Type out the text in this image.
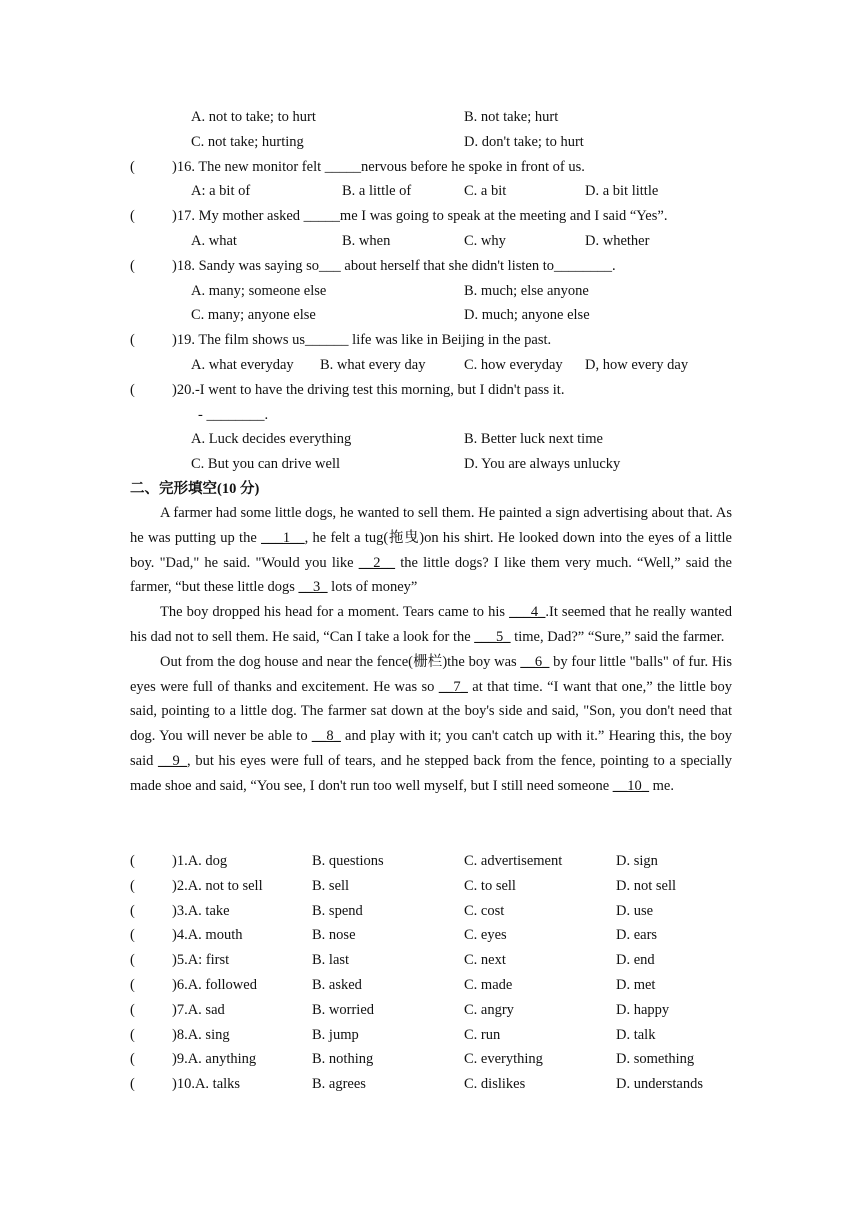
A. not to take; to hurt	B. not take; hurt
C. not take; hurting	D. don't take; to hurt
(	)16. The new monitor felt _____nervous before he spoke in front of us.
A: a bit of	B. a little of	C. a bit	D. a bit little
(	)17. My mother asked _____me I was going to speak at the meeting and I said “Yes”.
A. what	B. when	C. why	D. whether
(	)18. Sandy was saying so___ about herself that she didn't listen to________.
A. many; someone else	B. much; else anyone
C. many; anyone else	D. much; anyone else
(	)19. The film shows us______ life was like in Beijing in the past.
A. what everyday B. what every day	C. how everyday D, how every day
(	)20.-I went to have the driving test this morning, but I didn't pass it.
- ________.
A. Luck decides everything	B. Better luck next time
C. But you can drive well	D. You are always unlucky
二、完形填空(10 分)

A farmer had some little dogs, he wanted to sell them. He painted a sign advertising about that. As he was putting up the ___1__, he felt a tug(拖曳)on his shirt. He looked down into the eyes of a little boy. "Dad," he said. "Would you like __2__ the little dogs? I like them very much. “Well,” said the farmer, “but these little dogs __3_ lots of money”

The boy dropped his head for a moment. Tears came to his ___4_.It seemed that he really wanted his dad not to sell them. He said, “Can I take a look for the ___5_ time, Dad?” “Sure,” said the farmer.

Out from the dog house and near the fence(栅栏)the boy was __6_ by four little "balls" of fur. His eyes were full of thanks and excitement. He was so __7_ at that time. “I want that one,” the little boy said, pointing to a little dog. The farmer sat down at the boy's side and said, "Son, you don't need that dog. You will never be able to __8_ and play with it; you can't catch up with it.” Hearing this, the boy said __9_, but his eyes were full of tears, and he stepped back from the fence, pointing to a specially made shoe and said, “You see, I don't run too well myself, but I still need someone __10_ me.

(	)1.A. dog	B. questions	C. advertisement	D. sign
(	)2.A. not to sell	B. sell	C. to sell	D. not sell
(	)3.A. take	B. spend	C. cost	D. use
(	)4.A. mouth	B. nose	C. eyes	D. ears
(	)5.A: first	B. last	C. next	D. end
(	)6.A. followed	B. asked	C. made	D. met
(	)7.A. sad	B. worried	C. angry	D. happy
(	)8.A. sing	B. jump	C. run	D. talk
(	)9.A. anything	B. nothing	C. everything	D. something
(	)10.A. talks	B. agrees	C. dislikes	D. understands
